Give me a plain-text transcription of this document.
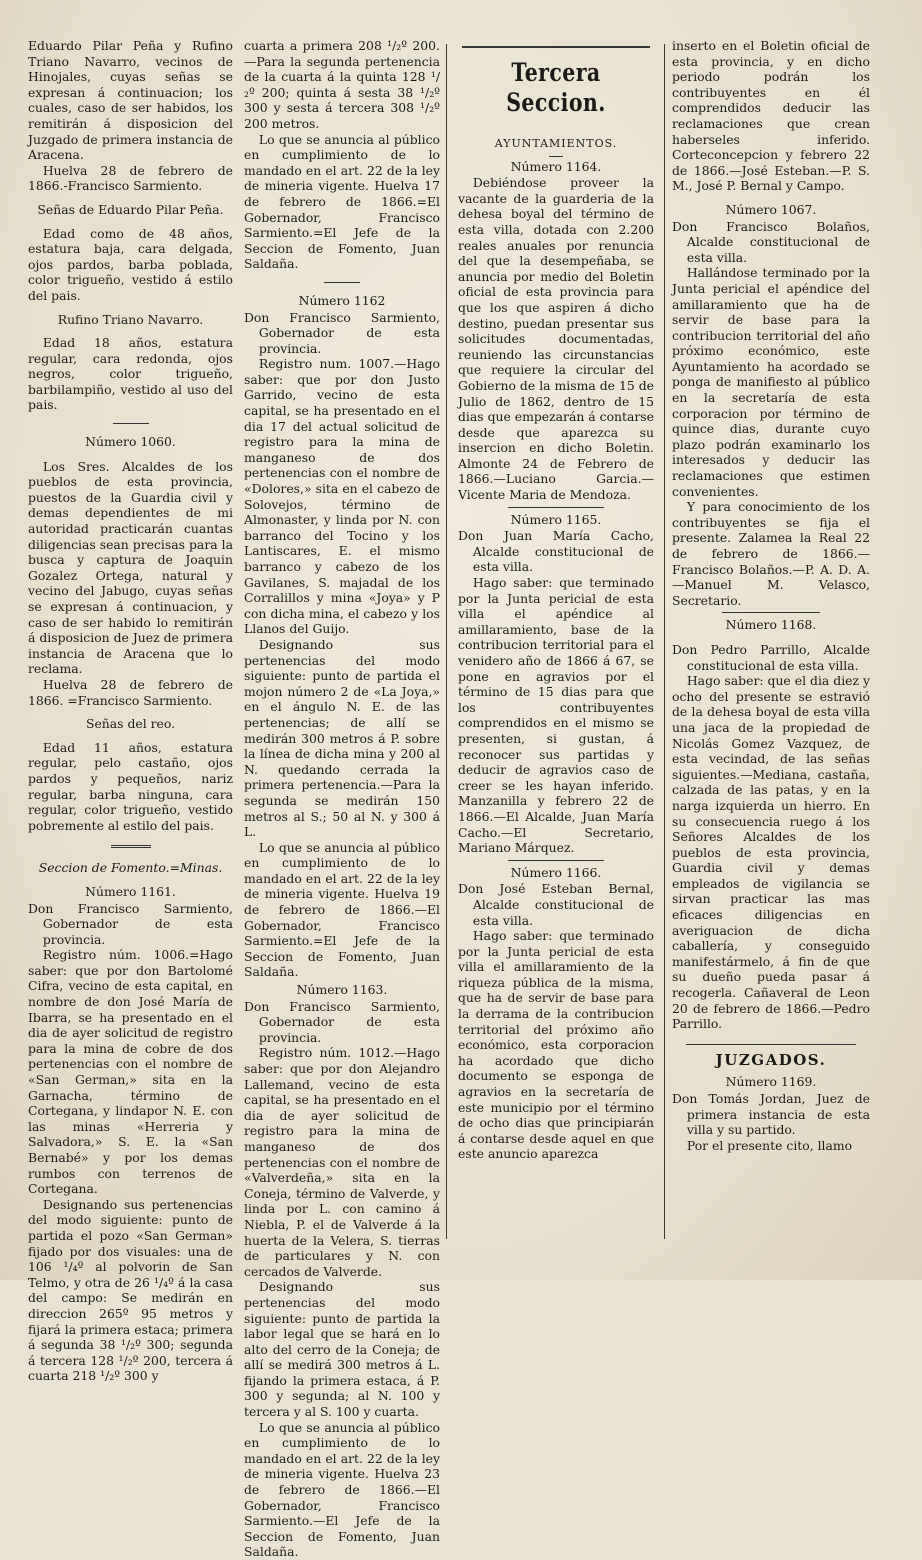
Eduardo Pilar Peña y Rufino Triano Navarro, vecinos de Hinojales, cuyas señas se expresan á continuacion; los cuales, caso de ser habidos, los remitirán á disposicion del Juzgado de primera instancia de Aracena.

Huelva 28 de febrero de 1866.-Francisco Sarmiento.

Señas de Eduardo Pilar Peña.

Edad como de 48 años, estatura baja, cara delgada, ojos pardos, barba poblada, color trigueño, vestido á estilo del pais.

Rufino Triano Navarro.

Edad 18 años, estatura regular, cara redonda, ojos negros, color trigueño, barbilampiño, vestido al uso del pais.

Número 1060.

Los Sres. Alcaldes de los pueblos de esta provincia, puestos de la Guardia civil y demas dependientes de mi autoridad practicarán cuantas diligencias sean precisas para la busca y captura de Joaquin Gozalez Ortega, natural y vecino del Jabugo, cuyas señas se expresan á continuacion, y caso de ser habido lo remitirán á disposicion de Juez de primera instancia de Aracena que lo reclama.

Huelva 28 de febrero de 1866. =Francisco Sarmiento.

Señas del reo.

Edad 11 años, estatura regular, pelo castaño, ojos pardos y pequeños, nariz regular, barba ninguna, cara regular, color trigueño, vestido pobremente al estilo del pais.

Seccion de Fomento.=Minas.

Número 1161.

Don Francisco Sarmiento, Gobernador de esta provincia.

Registro núm. 1006.=Hago saber: que por don Bartolomé Cifra, vecino de esta capital, en nombre de don José María de Ibarra, se ha presentado en el dia de ayer solicitud de registro para la mina de cobre de dos pertenencias con el nombre de «San German,» sita en la Garnacha, término de Cortegana, y lindapor N. E. con las minas «Herreria y Salvadora,» S. E. la «San Bernabé» y por los demas rumbos con terrenos de Cortegana.

Designando sus pertenencias del modo siguiente: punto de partida el pozo «San German» fijado por dos visuales: una de 106 ¹/₄º al polvorin de San Telmo, y otra de 26 ¹/₄º á la casa del campo: Se medirán en direccion 265º 95 metros y fijará la primera estaca; primera á segunda 38 ¹/₂º 300; segunda á tercera 128 ¹/₂º 200, tercera á cuarta 218 ¹/₂º 300 y

cuarta a primera 208 ¹/₂º 200.—Para la segunda pertenencia de la cuarta á la quinta 128 ¹/₂º 200; quinta á sesta 38 ¹/₂º 300 y sesta á tercera 308 ¹/₂º 200 metros.

Lo que se anuncia al público en cumplimiento de lo mandado en el art. 22 de la ley de mineria vigente. Huelva 17 de febrero de 1866.=El Gobernador, Francisco Sarmiento.=El Jefe de la Seccion de Fomento, Juan Saldaña.

Número 1162

Don Francisco Sarmiento, Gobernador de esta provincia.

Registro num. 1007.—Hago saber: que por don Justo Garrido, vecino de esta capital, se ha presentado en el dia 17 del actual solicitud de registro para la mina de manganeso de dos pertenencias con el nombre de «Dolores,» sita en el cabezo de Solovejos, término de Almonaster, y linda por N. con barranco del Tocino y los Lantiscares, E. el mismo barranco y cabezo de los Gavilanes, S. majadal de los Corralillos y mina «Joya» y P con dicha mina, el cabezo y los Llanos del Guijo.

Designando sus pertenencias del modo siguiente: punto de partida el mojon número 2 de «La Joya,» en el ángulo N. E. de las pertenencias; de allí se medirán 300 metros á P. sobre la línea de dicha mina y 200 al N. quedando cerrada la primera pertenencia.—Para la segunda se medirán 150 metros al S.; 50 al N. y 300 á L.

Lo que se anuncia al público en cumplimiento de lo mandado en el art. 22 de la ley de mineria vigente. Huelva 19 de febrero de 1866.—El Gobernador, Francisco Sarmiento.=El Jefe de la Seccion de Fomento, Juan Saldaña.

Número 1163.

Don Francisco Sarmiento, Gobernador de esta provincia.

Registro núm. 1012.—Hago saber: que por don Alejandro Lallemand, vecino de esta capital, se ha presentado en el dia de ayer solicitud de registro para la mina de manganeso de dos pertenencias con el nombre de «Valverdeña,» sita en la Coneja, término de Valverde, y linda por L. con camino á Niebla, P. el de Valverde á la huerta de la Velera, S. tierras de particulares y N. con cercados de Valverde.

Designando sus pertenencias del modo siguiente: punto de partida la labor legal que se hará en lo alto del cerro de la Coneja; de allí se medirá 300 metros á L. fijando la primera estaca, á P. 300 y segunda; al N. 100 y tercera y al S. 100 y cuarta.

Lo que se anuncia al público en cumplimiento de lo mandado en el art. 22 de la ley de mineria vigente. Huelva 23 de febrero de 1866.—El Gobernador, Francisco Sarmiento.—El Jefe de la Seccion de Fomento, Juan Saldaña.

Tercera Seccion.

AYUNTAMIENTOS.

Número 1164.

Debiéndose proveer la vacante de la guarderia de la dehesa boyal del término de esta villa, dotada con 2.200 reales anuales por renuncia del que la desempeñaba, se anuncia por medio del Boletin oficial de esta provincia para que los que aspiren á dicho destino, puedan presentar sus solicitudes documentadas, reuniendo las circunstancias que requiere la circular del Gobierno de la misma de 15 de Julio de 1862, dentro de 15 dias que empezarán á contarse desde que aparezca su insercion en dicho Boletin. Almonte 24 de Febrero de 1866.—Luciano Garcia.—Vicente Maria de Mendoza.

Número 1165.

Don Juan María Cacho, Alcalde constitucional de esta villa.

Hago saber: que terminado por la Junta pericial de esta villa el apéndice al amillaramiento, base de la contribucion territorial para el venidero año de 1866 á 67, se pone en agravios por el término de 15 dias para que los contribuyentes comprendidos en el mismo se presenten, si gustan, á reconocer sus partidas y deducir de agravios caso de creer se les hayan inferido. Manzanilla y febrero 22 de 1866.—El Alcalde, Juan María Cacho.—El Secretario, Mariano Márquez.

Número 1166.

Don José Esteban Bernal, Alcalde constitucional de esta villa.

Hago saber: que terminado por la Junta pericial de esta villa el amillaramiento de la riqueza pública de la misma, que ha de servir de base para la derrama de la contribucion territorial del próximo año económico, esta corporacion ha acordado que dicho documento se esponga de agravios en la secretaría de este municipio por el término de ocho dias que principiarán á contarse desde aquel en que este anuncio aparezca

inserto en el Boletin oficial de esta provincia, y en dicho periodo podrán los contribuyentes en él comprendidos deducir las reclamaciones que crean haberseles inferido. Corteconcepcion y febrero 22 de 1866.—José Esteban.—P. S. M., José P. Bernal y Campo.

Número 1067.

Don Francisco Bolaños, Alcalde constitucional de esta villa.

Hallándose terminado por la Junta pericial el apéndice del amillaramiento que ha de servir de base para la contribucion territorial del año próximo económico, este Ayuntamiento ha acordado se ponga de manifiesto al público en la secretaría de esta corporacion por término de quince dias, durante cuyo plazo podrán examinarlo los interesados y deducir las reclamaciones que estimen convenientes.

Y para conocimiento de los contribuyentes se fija el presente. Zalamea la Real 22 de febrero de 1866.—Francisco Bolaños.—P. A. D. A.—Manuel M. Velasco, Secretario.

Número 1168.

Don Pedro Parrillo, Alcalde constitucional de esta villa.

Hago saber: que el dia diez y ocho del presente se estravió de la dehesa boyal de esta villa una jaca de la propiedad de Nicolás Gomez Vazquez, de esta vecindad, de las señas siguientes.—Mediana, castaña, calzada de las patas, y en la narga izquierda un hierro. En su consecuencia ruego á los Señores Alcaldes de los pueblos de esta provincia, Guardia civil y demas empleados de vigilancia se sirvan practicar las mas eficaces diligencias en averiguacion de dicha caballería, y conseguido manifestármelo, á fin de que su dueño pueda pasar á recogerla. Cañaveral de Leon 20 de febrero de 1866.—Pedro Parrillo.

JUZGADOS.

Número 1169.

Don Tomás Jordan, Juez de primera instancia de esta villa y su partido.

Por el presente cito, llamo
